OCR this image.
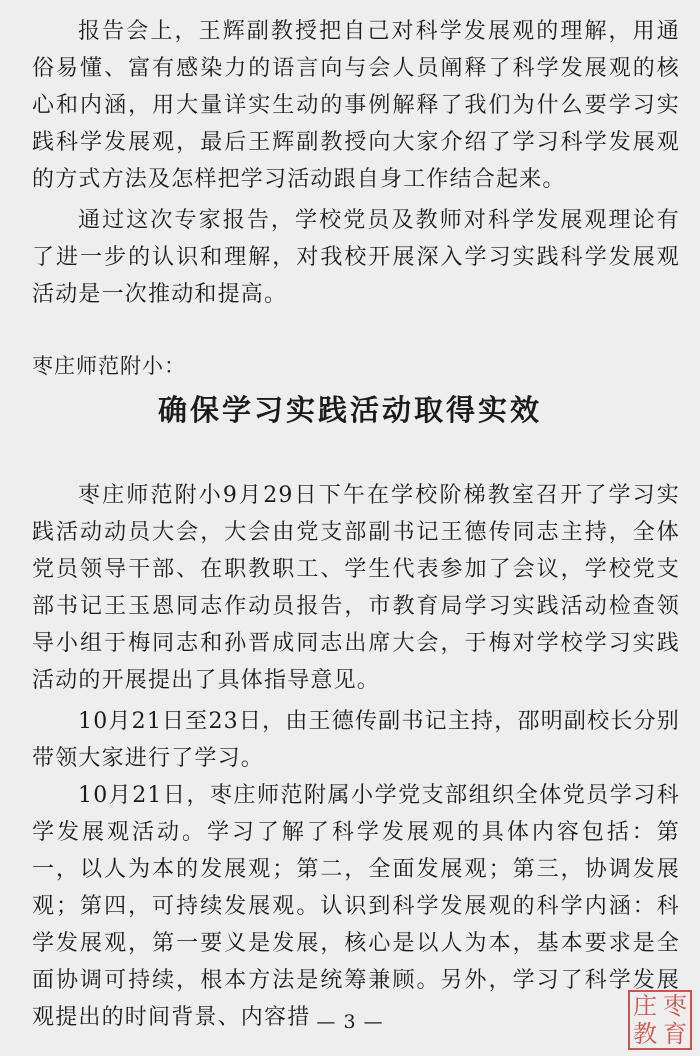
报告会上，王辉副教授把自己对科学发展观的理解，用通俗易懂、富有感染力的语言向与会人员阐释了科学发展观的核心和内涵，用大量详实生动的事例解释了我们为什么要学习实践科学发展观，最后王辉副教授向大家介绍了学习科学发展观的方式方法及怎样把学习活动跟自身工作结合起来。

通过这次专家报告，学校党员及教师对科学发展观理论有了进一步的认识和理解，对我校开展深入学习实践科学发展观活动是一次推动和提高。

枣庄师范附小：

确保学习实践活动取得实效

枣庄师范附小9月29日下午在学校阶梯教室召开了学习实践活动动员大会，大会由党支部副书记王德传同志主持，全体党员领导干部、在职教职工、学生代表参加了会议，学校党支部书记王玉恩同志作动员报告，市教育局学习实践活动检查领导小组于梅同志和孙晋成同志出席大会，于梅对学校学习实践活动的开展提出了具体指导意见。

10月21日至23日，由王德传副书记主持，邵明副校长分别带领大家进行了学习。

10月21日，枣庄师范附属小学党支部组织全体党员学习科学发展观活动。学习了解了科学发展观的具体内容包括：第一，以人为本的发展观；第二，全面发展观；第三，协调发展观；第四，可持续发展观。认识到科学发展观的科学内涵：科学发展观，第一要义是发展，核心是以人为本，基本要求是全面协调可持续，根本方法是统筹兼顾。另外，学习了科学发展观提出的时间背景、内容措 — 3 —
庄 枣
教 育
